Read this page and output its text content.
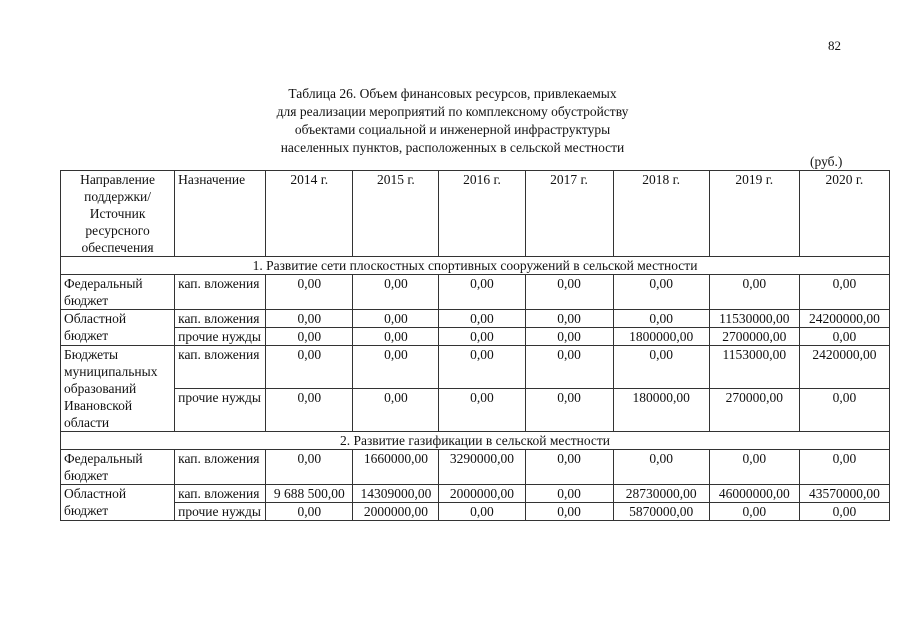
82
Таблица 26. Объем финансовых ресурсов, привлекаемых
для реализации мероприятий по комплексному обустройству
объектами социальной и инженерной инфраструктуры
населенных пунктов, расположенных в сельской местности
(руб.)
Направление поддержки/Источник ресурсного обеспечения	Назначение	2014 г.	2015 г.	2016 г.	2017 г.	2018 г.	2019 г.	2020 г.
1. Развитие сети плоскостных спортивных сооружений в сельской местности								
Федеральный бюджет	кап. вложения	0,00	0,00	0,00	0,00	0,00	0,00	0,00
Областной бюджет	кап. вложения	0,00	0,00	0,00	0,00	0,00	11530000,00	24200000,00
	прочие нужды	0,00	0,00	0,00	0,00	1800000,00	2700000,00	0,00
Бюджеты муниципальных образований Ивановской области	кап. вложения	0,00	0,00	0,00	0,00	0,00	1153000,00	2420000,00
	прочие нужды	0,00	0,00	0,00	0,00	180000,00	270000,00	0,00
2. Развитие газификации в сельской местности								
Федеральный бюджет	кап. вложения	0,00	1660000,00	3290000,00	0,00	0,00	0,00	0,00
Областной бюджет	кап. вложения	9 688 500,00	14309000,00	2000000,00	0,00	28730000,00	46000000,00	43570000,00
	прочие нужды	0,00	2000000,00	0,00	0,00	5870000,00	0,00	0,00
